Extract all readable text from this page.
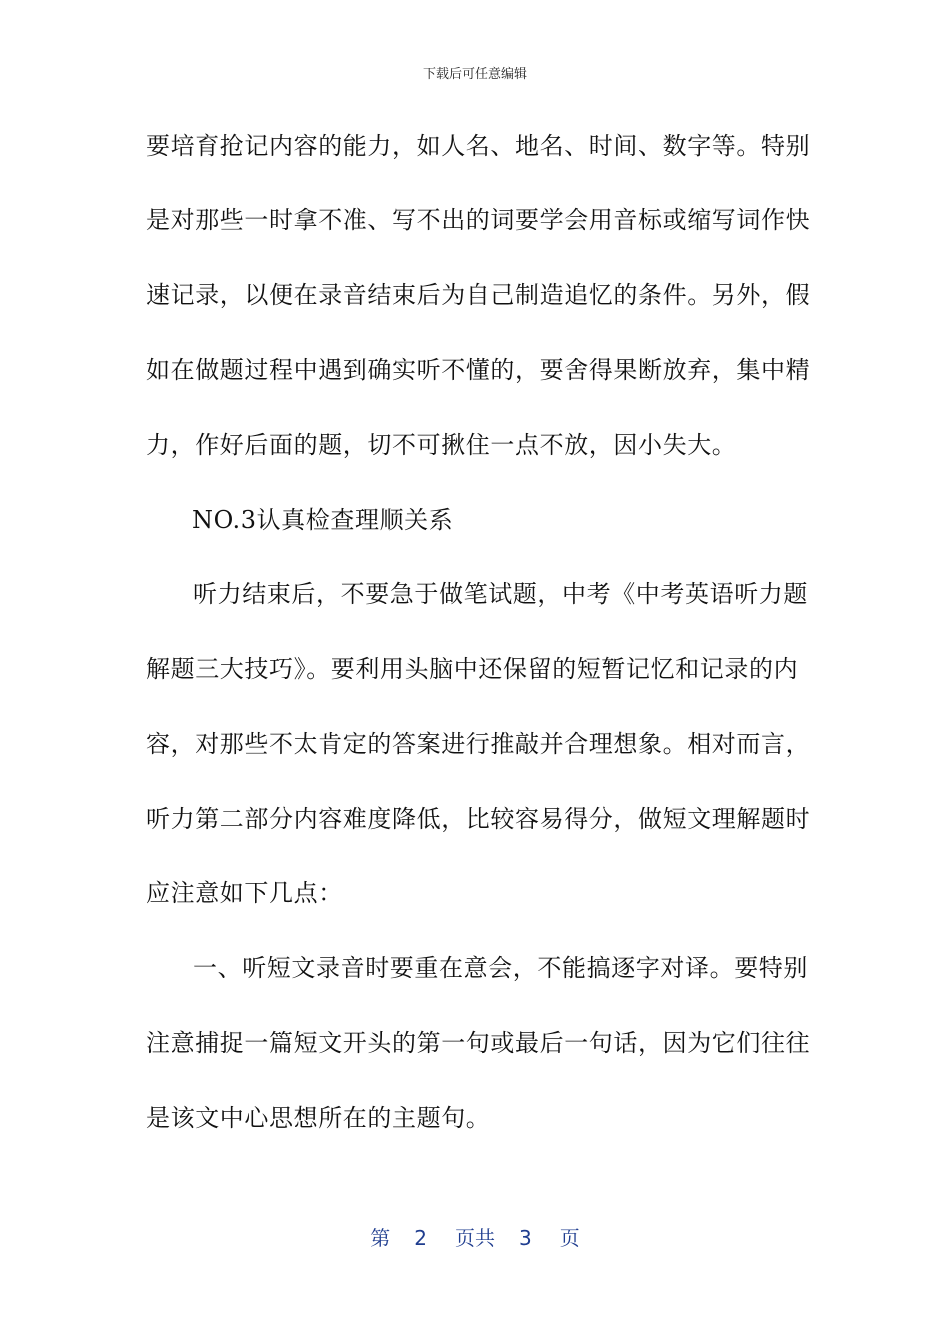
下载后可任意编辑
要培育抢记内容的能力，如人名、地名、时间、数字等。特别
是对那些一时拿不准、写不出的词要学会用音标或缩写词作快
速记录，以便在录音结束后为自己制造追忆的条件。另外，假
如在做题过程中遇到确实听不懂的，要舍得果断放弃，集中精
力，作好后面的题，切不可揪住一点不放，因小失大。
NO.3认真检查理顺关系
听力结束后，不要急于做笔试题，中考《中考英语听力题
解题三大技巧》。要利用头脑中还保留的短暂记忆和记录的内
容，对那些不太肯定的答案进行推敲并合理想象。相对而言，
听力第二部分内容难度降低，比较容易得分，做短文理解题时
应注意如下几点：
一、听短文录音时要重在意会，不能搞逐字对译。要特别
注意捕捉一篇短文开头的第一句或最后一句话，因为它们往往
是该文中心思想所在的主题句。
第 2 页共 3 页
